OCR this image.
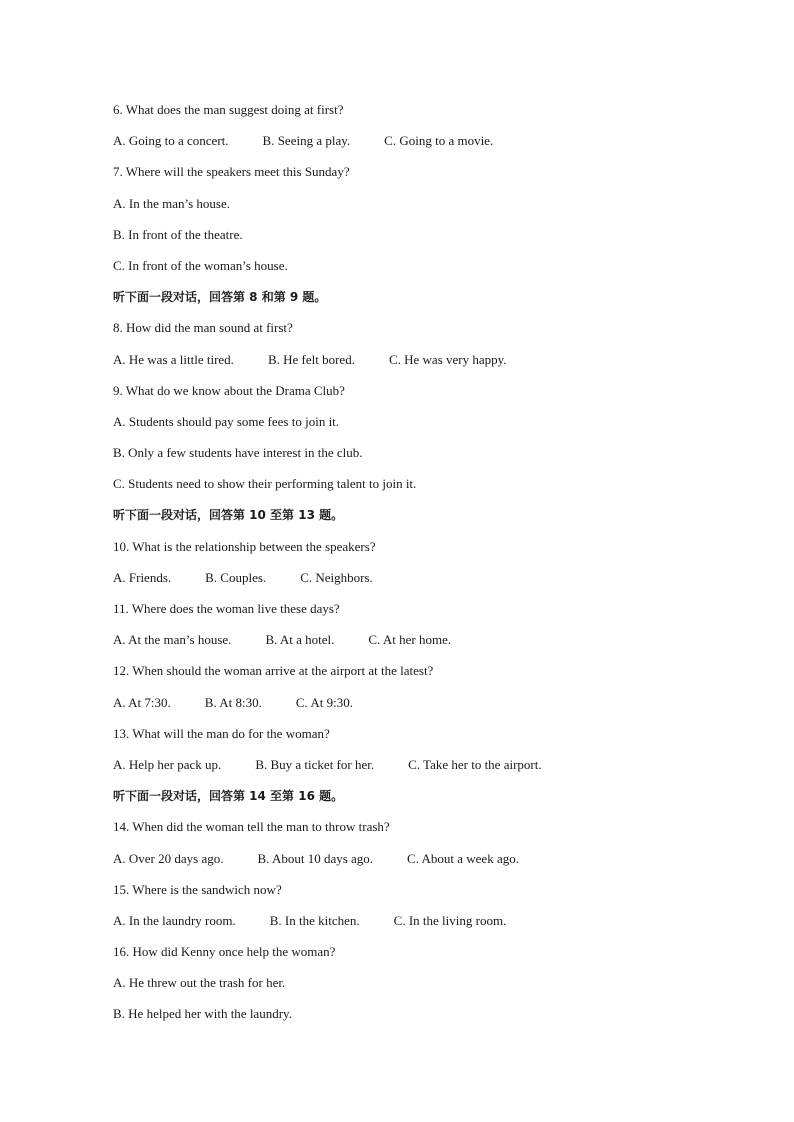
6. What does the man suggest doing at first?
A. Going to a concert.	B. Seeing a play.	C. Going to a movie.
7. Where will the speakers meet this Sunday?
A. In the man’s house.
B. In front of the theatre.
C. In front of the woman’s house.
听下面一段对话，回答第 8 和第 9 题。
8. How did the man sound at first?
A. He was a little tired.	B. He felt bored.	C. He was very happy.
9. What do we know about the Drama Club?
A. Students should pay some fees to join it.
B. Only a few students have interest in the club.
C. Students need to show their performing talent to join it.
听下面一段对话，回答第 10 至第 13 题。
10. What is the relationship between the speakers?
A. Friends.	B. Couples.	C. Neighbors.
11. Where does the woman live these days?
A. At the man’s house.	B. At a hotel.	C. At her home.
12. When should the woman arrive at the airport at the latest?
A. At 7:30.	B. At 8:30.	C. At 9:30.
13. What will the man do for the woman?
A. Help her pack up.	B. Buy a ticket for her.	C. Take her to the airport.
听下面一段对话，回答第 14 至第 16 题。
14. When did the woman tell the man to throw trash?
A. Over 20 days ago.	B. About 10 days ago.	C. About a week ago.
15. Where is the sandwich now?
A. In the laundry room.	B. In the kitchen.	C. In the living room.
16. How did Kenny once help the woman?
A. He threw out the trash for her.
B. He helped her with the laundry.
